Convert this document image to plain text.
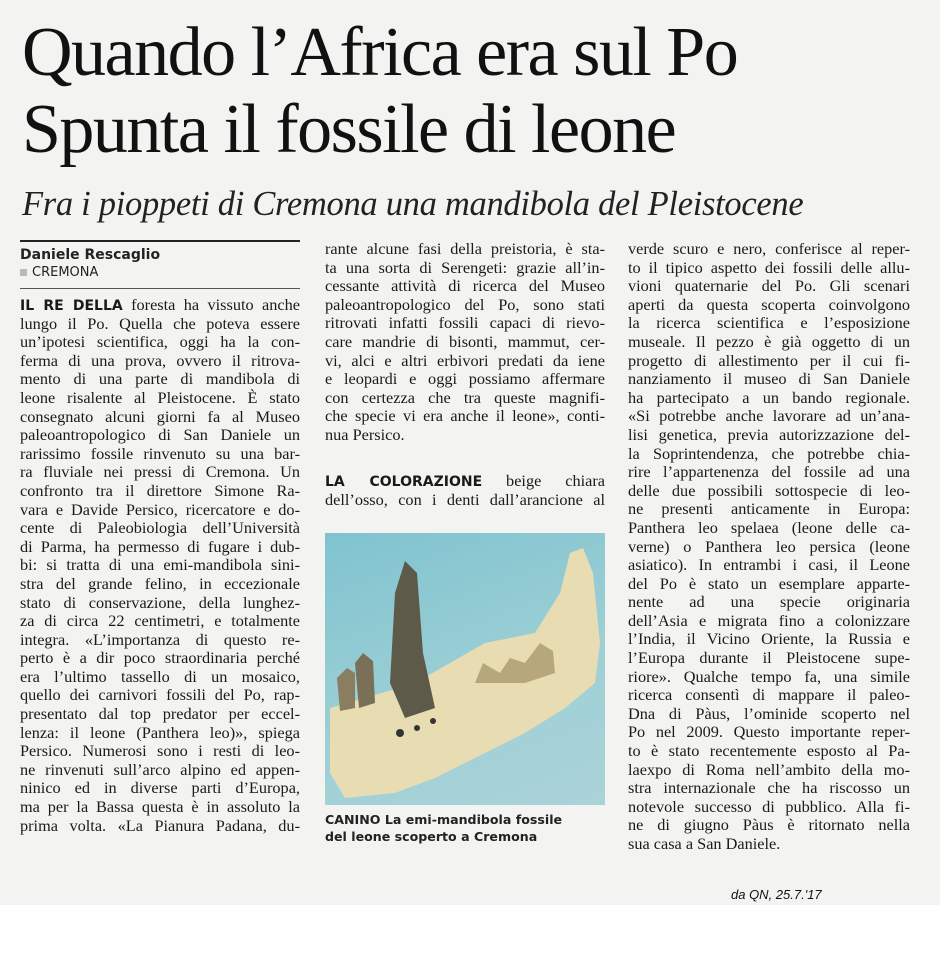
Quando l’Africa era sul Po
Spunta il fossile di leone
Fra i pioppeti di Cremona una mandibola del Pleistocene
Daniele Rescaglio
CREMONA
IL RE DELLA foresta ha vissuto anche
lungo il Po. Quella che poteva essere
un’ipotesi scientifica, oggi ha la con-
ferma di una prova, ovvero il ritrova-
mento di una parte di mandibola di
leone risalente al Pleistocene. È stato
consegnato alcuni giorni fa al Museo
paleoantropologico di San Daniele un
rarissimo fossile rinvenuto su una bar-
ra fluviale nei pressi di Cremona. Un
confronto tra il direttore Simone Ra-
vara e Davide Persico, ricercatore e do-
cente di Paleobiologia dell’Università
di Parma, ha permesso di fugare i dub-
bi: si tratta di una emi-mandibola sini-
stra del grande felino, in eccezionale
stato di conservazione, della lunghez-
za di circa 22 centimetri, e totalmente
integra. «L’importanza di questo re-
perto è a dir poco straordinaria perché
era l’ultimo tassello di un mosaico,
quello dei carnivori fossili del Po, rap-
presentato dal top predator per eccel-
lenza: il leone (Panthera leo)», spiega
Persico. Numerosi sono i resti di leo-
ne rinvenuti sull’arco alpino ed appen-
ninico ed in diverse parti d’Europa,
ma per la Bassa questa è in assoluto la
prima volta. «La Pianura Padana, du-
rante alcune fasi della preistoria, è sta-
ta una sorta di Serengeti: grazie all’in-
cessante attività di ricerca del Museo
paleoantropologico del Po, sono stati
ritrovati infatti fossili capaci di rievo-
care mandrie di bisonti, mammut, cer-
vi, alci e altri erbivori predati da iene
e leopardi e oggi possiamo affermare
con certezza che tra queste magnifi-
che specie vi era anche il leone», conti-
nua Persico.
LA COLORAZIONE beige chiara
dell’osso, con i denti dall’arancione al
CANINO La emi-mandibola fossile
del leone scoperto a Cremona
verde scuro e nero, conferisce al reper-
to il tipico aspetto dei fossili delle allu-
vioni quaternarie del Po. Gli scenari
aperti da questa scoperta coinvolgono
la ricerca scientifica e l’esposizione
museale. Il pezzo è già oggetto di un
progetto di allestimento per il cui fi-
nanziamento il museo di San Daniele
ha partecipato a un bando regionale.
«Si potrebbe anche lavorare ad un’ana-
lisi genetica, previa autorizzazione del-
la Soprintendenza, che potrebbe chia-
rire l’appartenenza del fossile ad una
delle due possibili sottospecie di leo-
ne presenti anticamente in Europa:
Panthera leo spelaea (leone delle ca-
verne) o Panthera leo persica (leone
asiatico). In entrambi i casi, il Leone
del Po è stato un esemplare apparte-
nente ad una specie originaria
dell’Asia e migrata fino a colonizzare
l’India, il Vicino Oriente, la Russia e
l’Europa durante il Pleistocene supe-
riore». Qualche tempo fa, una simile
ricerca consentì di mappare il paleo-
Dna di Pàus, l’ominide scoperto nel
Po nel 2009. Questo importante reper-
to è stato recentemente esposto al Pa-
laexpo di Roma nell’ambito della mo-
stra internazionale che ha riscosso un
notevole successo di pubblico. Alla fi-
ne di giugno Pàus è ritornato nella
sua casa a San Daniele.
da QN, 25.7.'17
